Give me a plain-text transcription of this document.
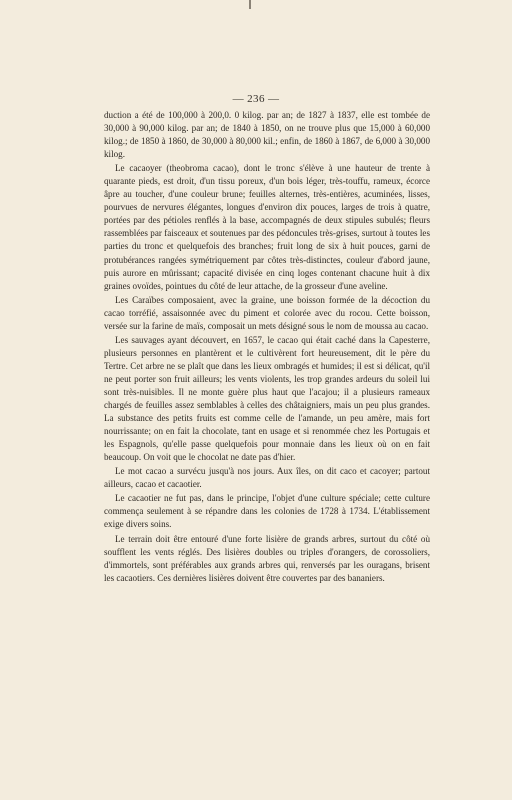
— 236 —

duction a été de 100,000 à 200,0. 0 kilog. par an; de 1827 à 1837, elle est tombée de 30,000 à 90,000 kilog. par an; de 1840 à 1850, on ne trouve plus que 15,000 à 60,000 kilog.; de 1850 à 1860, de 30,000 à 80,000 kil.; enfin, de 1860 à 1867, de 6,000 à 30,000 kilog.

Le cacaoyer (theobroma cacao), dont le tronc s'élève à une hauteur de trente à quarante pieds, est droit, d'un tissu poreux, d'un bois léger, très-touffu, rameux, écorce âpre au toucher, d'une couleur brune; feuilles alternes, très-entières, acuminées, lisses, pourvues de nervures élégantes, longues d'environ dix pouces, larges de trois à quatre, portées par des pétioles renflés à la base, accompagnés de deux stipules subulés; fleurs rassemblées par faisceaux et soutenues par des pédoncules très-grises, surtout à toutes les parties du tronc et quelquefois des branches; fruit long de six à huit pouces, garni de protubérances rangées symétriquement par côtes très-distinctes, couleur d'abord jaune, puis aurore en mûrissant; capacité divisée en cinq loges contenant chacune huit à dix graines ovoïdes, pointues du côté de leur attache, de la grosseur d'une aveline.

Les Caraïbes composaient, avec la graine, une boisson formée de la décoction du cacao torréfié, assaisonnée avec du piment et colorée avec du rocou. Cette boisson, versée sur la farine de maïs, composait un mets désigné sous le nom de moussa au cacao.

Les sauvages ayant découvert, en 1657, le cacao qui était caché dans la Capesterre, plusieurs personnes en plantèrent et le cultivèrent fort heureusement, dit le père du Tertre. Cet arbre ne se plaît que dans les lieux ombragés et humides; il est si délicat, qu'il ne peut porter son fruit ailleurs; les vents violents, les trop grandes ardeurs du soleil lui sont très-nuisibles. Il ne monte guère plus haut que l'acajou; il a plusieurs rameaux chargés de feuilles assez semblables à celles des châtaigniers, mais un peu plus grandes. La substance des petits fruits est comme celle de l'amande, un peu amère, mais fort nourrissante; on en fait la chocolate, tant en usage et si renommée chez les Portugais et les Espagnols, qu'elle passe quelquefois pour monnaie dans les lieux où on en fait beaucoup. On voit que le chocolat ne date pas d'hier.

Le mot cacao a survécu jusqu'à nos jours. Aux îles, on dit caco et cacoyer; partout ailleurs, cacao et cacaotier.

Le cacaotier ne fut pas, dans le principe, l'objet d'une culture spéciale; cette culture commença seulement à se répandre dans les colonies de 1728 à 1734. L'établissement exige divers soins.

Le terrain doit être entouré d'une forte lisière de grands arbres, surtout du côté où soufflent les vents réglés. Des lisières doubles ou triples d'orangers, de corossoliers, d'immortels, sont préférables aux grands arbres qui, renversés par les ouragans, brisent les cacaotiers. Ces dernières lisières doivent être couvertes par des bananiers.
